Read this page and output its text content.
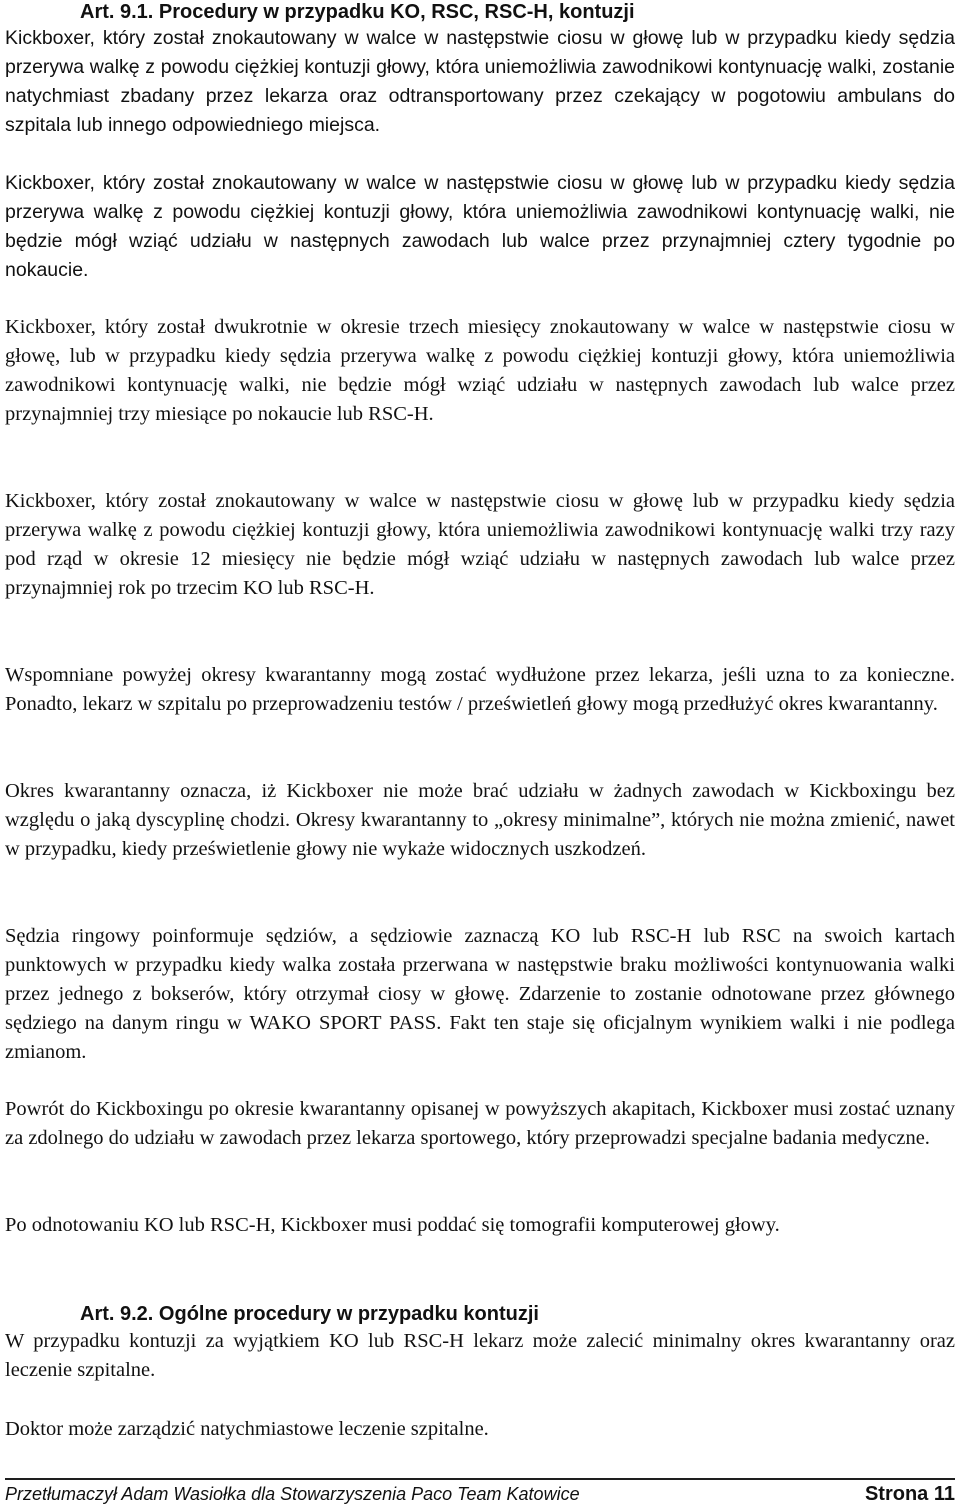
Art. 9.1. Procedury w przypadku KO, RSC, RSC-H, kontuzji

Kickboxer, który został znokautowany w walce w następstwie ciosu w głowę lub w przypadku kiedy sędzia przerywa walkę z powodu ciężkiej kontuzji głowy, która uniemożliwia zawodnikowi kontynuację walki, zostanie natychmiast zbadany przez lekarza oraz odtransportowany przez czekający w pogotowiu ambulans do szpitala lub innego odpowiedniego miejsca.

Kickboxer, który został znokautowany w walce w następstwie ciosu w głowę lub w przypadku kiedy sędzia przerywa walkę z powodu ciężkiej kontuzji głowy, która uniemożliwia zawodnikowi kontynuację walki, nie będzie mógł wziąć udziału w następnych zawodach lub walce przez przynajmniej cztery tygodnie po nokaucie.

Kickboxer, który został dwukrotnie w okresie trzech miesięcy znokautowany w walce w następstwie ciosu w głowę, lub w przypadku kiedy sędzia przerywa walkę z powodu ciężkiej kontuzji głowy, która uniemożliwia zawodnikowi kontynuację walki, nie będzie mógł wziąć udziału w następnych zawodach lub walce przez przynajmniej trzy miesiące po nokaucie lub RSC-H.

Kickboxer, który został znokautowany w walce w następstwie ciosu w głowę lub w przypadku kiedy sędzia przerywa walkę z powodu ciężkiej kontuzji głowy, która uniemożliwia zawodnikowi kontynuację walki trzy razy pod rząd w okresie 12 miesięcy nie będzie mógł wziąć udziału w następnych zawodach lub walce przez przynajmniej rok po trzecim KO lub RSC-H.

Wspomniane powyżej okresy kwarantanny mogą zostać wydłużone przez lekarza, jeśli uzna to za konieczne. Ponadto, lekarz w szpitalu po przeprowadzeniu testów / prześwietleń głowy mogą przedłużyć okres kwarantanny.

Okres kwarantanny oznacza, iż Kickboxer nie może brać udziału w żadnych zawodach w Kickboxingu bez względu o jaką dyscyplinę chodzi. Okresy kwarantanny to „okresy minimalne”, których nie można zmienić, nawet w przypadku, kiedy prześwietlenie głowy nie wykaże widocznych uszkodzeń.

Sędzia ringowy poinformuje sędziów, a sędziowie zaznaczą KO lub RSC-H lub RSC na swoich kartach punktowych w przypadku kiedy walka została przerwana w następstwie braku możliwości kontynuowania walki przez jednego z bokserów, który otrzymał ciosy w głowę. Zdarzenie to zostanie odnotowane przez głównego sędziego na danym ringu w WAKO SPORT PASS. Fakt ten staje się oficjalnym wynikiem walki i nie podlega zmianom.

Powrót do Kickboxingu po okresie kwarantanny opisanej w powyższych akapitach, Kickboxer musi zostać uznany za zdolnego do udziału w zawodach przez lekarza sportowego, który przeprowadzi specjalne badania medyczne.

Po odnotowaniu KO lub RSC-H, Kickboxer musi poddać się tomografii komputerowej głowy.

Art. 9.2. Ogólne procedury w przypadku kontuzji

W przypadku kontuzji za wyjątkiem KO lub RSC-H lekarz może zalecić minimalny okres kwarantanny oraz leczenie szpitalne.

Doktor może zarządzić natychmiastowe leczenie szpitalne.

Przetłumaczył Adam Wasiołka dla Stowarzyszenia Paco Team Katowice	Strona 11
